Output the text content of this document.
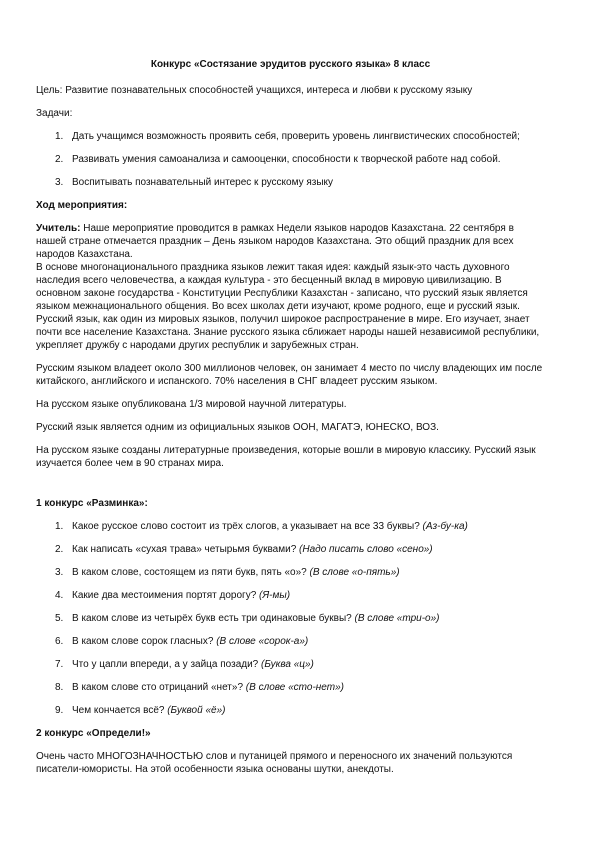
Конкурс «Состязание эрудитов русского языка» 8 класс

Цель: Развитие познавательных способностей учащихся, интереса и любви к русскому языку

Задачи:

1. Дать учащимся возможность проявить себя, проверить уровень лингвистических способностей;
2. Развивать умения самоанализа и самооценки, способности к творческой работе над собой.
3. Воспитывать познавательный интерес к русскому языку

Ход мероприятия:

Учитель: Наше мероприятие проводится в рамках Недели языков народов Казахстана. 22 сентября в нашей стране отмечается праздник – День языком народов Казахстана. Это общий праздник для всех народов Казахстана.

В основе многонационального праздника языков лежит такая идея: каждый язык-это часть духовного наследия всего человечества, а каждая культура - это бесценный вклад в мировую цивилизацию. В основном законе государства - Конституции Республики Казахстан - записано, что русский язык является языком межнационального общения. Во всех школах дети изучают, кроме родного, еще и русский язык. Русский язык, как один из мировых языков, получил широкое распространение в мире. Его изучает, знает почти все население Казахстана. Знание русского языка сближает народы нашей независимой республики, укрепляет дружбу с народами других республик и зарубежных стран.

Русским языком владеет около 300 миллионов человек, он занимает 4 место по числу владеющих им после китайского, английского и испанского. 70% населения в СНГ владеет русским языком.

На русском языке опубликована 1/3 мировой научной литературы.

Русский язык является одним из официальных языков ООН, МАГАТЭ, ЮНЕСКО, ВОЗ.

На русском языке созданы литературные произведения, которые вошли в мировую классику. Русский язык изучается более чем в 90 странах мира.

1 конкурс «Разминка»:

1. Какое русское слово состоит из трёх слогов, а указывает на все 33 буквы? (Аз-бу-ка)
2. Как написать «сухая трава» четырьмя буквами? (Надо писать слово «сено»)
3. В каком слове, состоящем из пяти букв, пять «о»? (В слове «о-пять»)
4. Какие два местоимения портят дорогу? (Я-мы)
5. В каком слове из четырёх букв есть три одинаковые буквы? (В слове «три-о»)
6. В каком слове сорок гласных? (В слове «сорок-а»)
7. Что у цапли впереди, а у зайца позади? (Буква «ц»)
8. В каком слове сто отрицаний «нет»? (В слове «сто-нет»)
9. Чем кончается всё? (Буквой «ё»)

2 конкурс «Определи!»

Очень часто МНОГОЗНАЧНОСТЬЮ слов и путаницей прямого и переносного их значений пользуются писатели-юмористы. На этой особенности языка основаны шутки, анекдоты.
